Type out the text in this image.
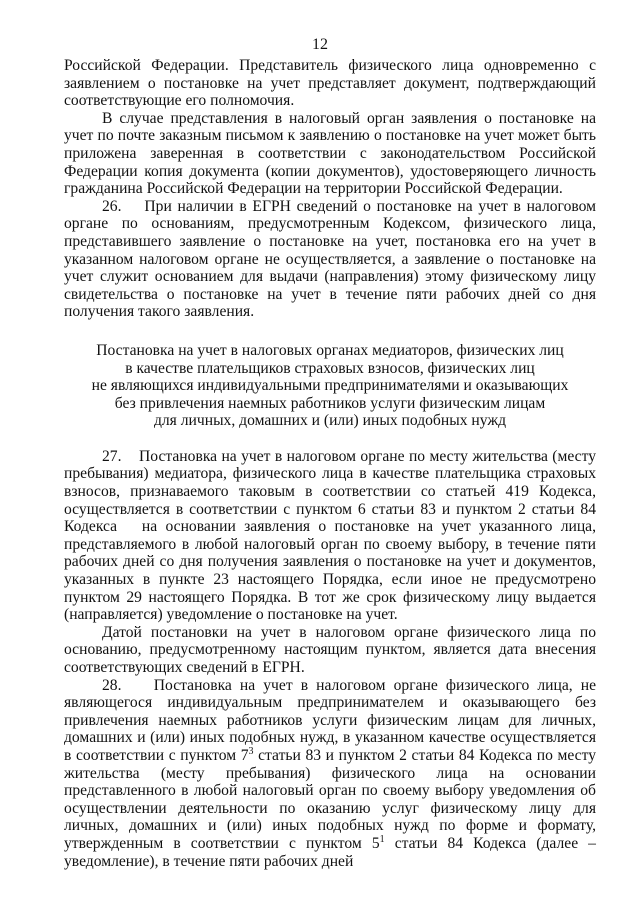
12

Российской Федерации. Представитель физического лица одновременно с заявлением о постановке на учет представляет документ, подтверждающий соответствующие его полномочия.

В случае представления в налоговый орган заявления о постановке на учет по почте заказным письмом к заявлению о постановке на учет может быть приложена заверенная в соответствии с законодательством Российской Федерации копия документа (копии документов), удостоверяющего личность гражданина Российской Федерации на территории Российской Федерации.

26.    При наличии в ЕГРН сведений о постановке на учет в налоговом органе по основаниям, предусмотренным Кодексом, физического лица, представившего заявление о постановке на учет, постановка его на учет в указанном налоговом органе не осуществляется, а заявление о постановке на учет служит основанием для выдачи (направления) этому физическому лицу свидетельства о постановке на учет в течение пяти рабочих дней со дня получения такого заявления.

Постановка на учет в налоговых органах медиаторов, физических лиц
в качестве плательщиков страховых взносов, физических лиц
не являющихся индивидуальными предпринимателями и оказывающих
без привлечения наемных работников услуги физическим лицам
для личных, домашних и (или) иных подобных нужд

27.    Постановка на учет в налоговом органе по месту жительства (месту пребывания) медиатора, физического лица в качестве плательщика страховых взносов, признаваемого таковым в соответствии со статьей 419 Кодекса, осуществляется в соответствии с пунктом 6 статьи 83 и пунктом 2 статьи 84 Кодекса   на основании заявления о постановке на учет указанного лица, представляемого в любой налоговый орган по своему выбору, в течение пяти рабочих дней со дня получения заявления о постановке на учет и документов, указанных в пункте 23 настоящего Порядка, если иное не предусмотрено пунктом 29 настоящего Порядка. В тот же срок физическому лицу выдается (направляется) уведомление о постановке на учет.

Датой постановки на учет в налоговом органе физического лица по основанию, предусмотренному настоящим пунктом, является дата внесения соответствующих сведений в ЕГРН.

28.    Постановка на учет в налоговом органе физического лица, не являющегося индивидуальным предпринимателем и оказывающего без привлечения наемных работников услуги физическим лицам для личных, домашних и (или) иных подобных нужд, в указанном качестве осуществляется в соответствии с пунктом $7^3$ статьи 83 и пунктом 2 статьи 84 Кодекса по месту жительства (месту пребывания) физического лица на основании представленного в любой налоговый орган по своему выбору уведомления об осуществлении деятельности по оказанию услуг физическому лицу для личных, домашних и (или) иных подобных нужд по форме и формату, утвержденным в соответствии с пунктом $5^1$ статьи 84 Кодекса (далее – уведомление), в течение пяти рабочих дней
